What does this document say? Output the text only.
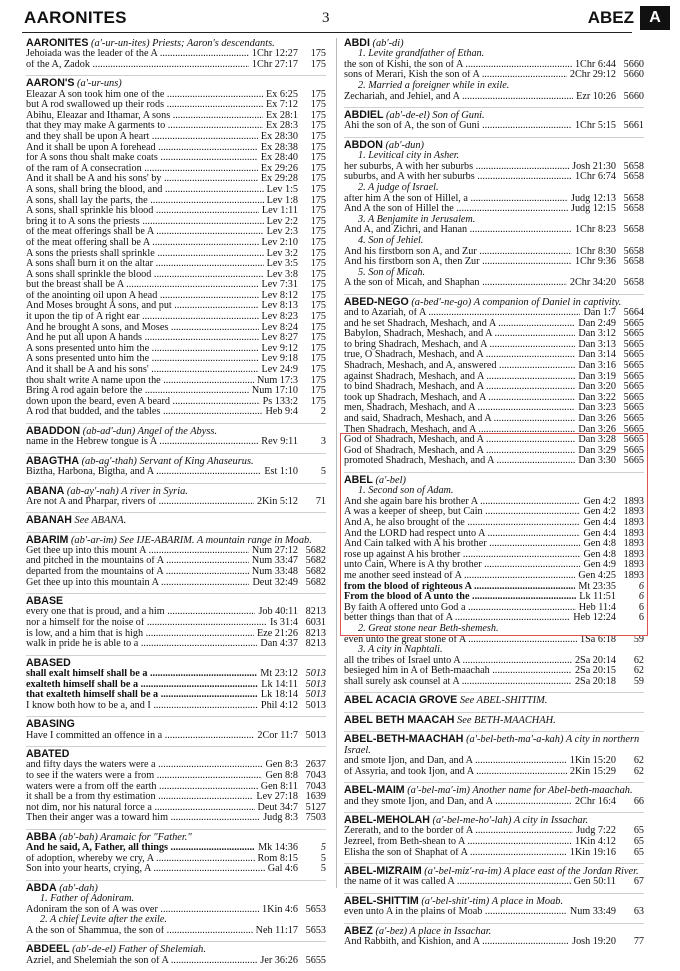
AARONITES	3	ABEZ A
AARONITES (a'-ur-un-ites) Priests; Aaron's descendants.
Jehoiada was the leader of the A .....	1Chr 12:27	175
of the A, Zadok .....	1Chr 27:17	175
AARON'S (a'-ur-uns)
Eleazar A son took him one of the .....	Ex 6:25	175
but A rod swallowed up their rods .....	Ex 7:12	175
Abihu, Eleazar and Ithamar, A sons .....	Ex 28:1	175
that they may make A garments to .....	Ex 28:3	175
and they shall be upon A heart .....	Ex 28:30	175
And it shall be upon A forehead .....	Ex 28:38	175
for A sons thou shalt make coats .....	Ex 28:40	175
of the ram of A consecration .....	Ex 29:26	175
And it shall be A and his sons' by .....	Ex 29:28	175
A sons, shall bring the blood, and .....	Lev 1:5	175
A sons, shall lay the parts, the .....	Lev 1:8	175
A sons, shall sprinkle his blood .....	Lev 1:11	175
bring it to A sons the priests .....	Lev 2:2	175
of the meat offerings shall be A .....	Lev 2:3	175
of the meat offering shall be A .....	Lev 2:10	175
A sons the priests shall sprinkle .....	Lev 3:2	175
A sons shall burn it on the altar .....	Lev 3:5	175
A sons shall sprinkle the blood .....	Lev 3:8	175
but the breast shall be A .....	Lev 7:31	175
of the anointing oil upon A head .....	Lev 8:12	175
And Moses brought A sons, and put .....	Lev 8:13	175
it upon the tip of A right ear .....	Lev 8:23	175
And he brought A sons, and Moses .....	Lev 8:24	175
And he put all upon A hands .....	Lev 8:27	175
A sons presented unto him the .....	Lev 9:12	175
A sons presented unto him the .....	Lev 9:18	175
And it shall be A and his sons' .....	Lev 24:9	175
thou shalt write A name upon the .....	Num 17:3	175
Bring A rod again before the .....	Num 17:10	175
down upon the beard, even A beard .....	Ps 133:2	175
A rod that budded, and the tables .....	Heb 9:4	2
ABADDON (ab-ad'-dun) Angel of the Abyss.
name in the Hebrew tongue is A .....	Rev 9:11	3
ABAGTHA (ab-ag'-thah) Servant of King Ahaseurus.
Biztha, Harbona, Bigtha, and A .....	Est 1:10	5
ABANA (ab-ay'-nah) A river in Syria.
Are not A and Pharpar, rivers of .....	2Kin 5:12	71
ABANAH See ABANA.
ABARIM (ab'-ar-im) See IJE-ABARIM. A mountain range in Moab.
Get thee up into this mount A .....	Num 27:12 5682
and pitched in the mountains of A .....	Num 33:47 5682
departed from the mountains of A .....	Num 33:48 5682
Get thee up into this mountain A .....	Deut 32:49 5682
ABASE
every one that is proud, and a him .....	Job 40:11 8213
nor a himself for the noise of .....	Is 31:4 6031
is low, and a him that is high .....	Eze 21:26 8213
walk in pride he is able to a .....	Dan 4:37 8213
ABASED
shall exalt himself shall be a .....	Mt 23:12 5013
exalteth himself shall be a .....	Lk 14:11 5013
that exalteth himself shall be a .....	Lk 18:14 5013
I know both how to be a, and I .....	Phil 4:12 5013
ABASING
Have I committed an offence in a .....	2Cor 11:7 5013
ABATED
and fifty days the waters were a .....	Gen 8:3 2637
to see if the waters were a from .....	Gen 8:8 7043
waters were a from off the earth .....	Gen 8:11 7043
it shall be a from thy estimation .....	Lev 27:18 1639
not dim, nor his natural force a .....	Deut 34:7 5127
Then their anger was a toward him .....	Judg 8:3 7503
ABBA (ab'-bah) Aramaic for "Father."
And he said, A, Father, all things .....	Mk 14:36	5
of adoption, whereby we cry, A .....	Rom 8:15	5
Son into your hearts, crying, A .....	Gal 4:6	5
ABDA (ab'-dah)
1. Father of Adoniram.
Adoniram the son of A was over .....	1Kin 4:6 5653
2. A chief Levite after the exile.
A the son of Shammua, the son of .....	Neh 11:17 5653
ABDEEL (ab'-de-el) Father of Shelemiah.
Azriel, and Shelemiah the son of A .....	Jer 36:26 5655
ABDI (ab'-di)
1. Levite grandfather of Ethan.
the son of Kishi, the son of A .....	1Chr 6:44 5660
sons of Merari, Kish the son of A .....	2Chr 29:12 5660
2. Married a foreigner while in exile.
Zechariah, and Jehiel, and A .....	Ezr 10:26 5660
ABDIEL (ab'-de-el) Son of Guni.
Ahi the son of A, the son of Guni .....	1Chr 5:15 5661
ABDON (ab'-dun)
1. Levitical city in Asher.
her suburbs, A with her suburbs .....	Josh 21:30 5658
suburbs, and A with her suburbs .....	1Chr 6:74 5658
2. A judge of Israel.
after him A the son of Hillel, a .....	Judg 12:13 5658
And A the son of Hillel the .....	Judg 12:15 5658
3. A Benjamite in Jerusalem.
And A, and Zichri, and Hanan .....	1Chr 8:23 5658
4. Son of Jehiel.
And his firstborn son A, and Zur .....	1Chr 8:30 5658
And his firstborn son A, then Zur .....	1Chr 9:36 5658
5. Son of Micah.
A the son of Micah, and Shaphan .....	2Chr 34:20 5658
ABED-NEGO (a-bed'-ne-go) A companion of Daniel in captivity.
and to Azariah, of A .....	Dan 1:7 5664
and he set Shadrach, Meshach, and A .....	Dan 2:49 5665
Babylon, Shadrach, Meshach, and A .....	Dan 3:12 5665
to bring Shadrach, Meshach, and A .....	Dan 3:13 5665
true, O Shadrach, Meshach, and A .....	Dan 3:14 5665
Shadrach, Meshach, and A, answered .....	Dan 3:16 5665
against Shadrach, Meshach, and A .....	Dan 3:19 5665
to bind Shadrach, Meshach, and A .....	Dan 3:20 5665
took up Shadrach, Meshach, and A .....	Dan 3:22 5665
men, Shadrach, Meshach, and A .....	Dan 3:23 5665
and said, Shadrach, Meshach, and A .....	Dan 3:26 5665
Then Shadrach, Meshach, and A .....	Dan 3:26 5665
God of Shadrach, Meshach, and A .....	Dan 3:28 5665
God of Shadrach, Meshach, and A .....	Dan 3:29 5665
promoted Shadrach, Meshach, and A .....	Dan 3:30 5665
ABEL (a'-bel)
1. Second son of Adam.
And she again bare his brother A .....	Gen 4:2 1893
A was a keeper of sheep, but Cain .....	Gen 4:2 1893
And A, he also brought of the .....	Gen 4:4 1893
And the LORD had respect unto A .....	Gen 4:4 1893
And Cain talked with A his brother .....	Gen 4:8 1893
rose up against A his brother .....	Gen 4:8 1893
unto Cain, Where is A thy brother .....	Gen 4:9 1893
me another seed instead of A .....	Gen 4:25 1893
from the blood of righteous A .....	Mt 23:35	6
From the blood of A unto the .....	Lk 11:51	6
By faith A offered unto God a .....	Heb 11:4	6
better things than that of A .....	Heb 12:24	6
2. Great stone near Beth-shemesh.
even unto the great stone of A .....	1Sa 6:18	59
3. A city in Naphtali.
all the tribes of Israel unto A .....	2Sa 20:14	62
besieged him in A of Beth-maachah .....	2Sa 20:15	62
shall surely ask counsel at A .....	2Sa 20:18	59
ABEL ACACIA GROVE See ABEL-SHITTIM.
ABEL BETH MAACAH See BETH-MAACHAH.
ABEL-BETH-MAACHAH (a'-bel-beth-ma'-a-kah) A city in northern Israel.
and smote Ijon, and Dan, and A .....	1Kin 15:20	62
of Assyria, and took Ijon, and A .....	2Kin 15:29	62
ABEL-MAIM (a'-bel-ma'-im) Another name for Abel-beth-maachah.
and they smote Ijon, and Dan, and A .....	2Chr 16:4	66
ABEL-MEHOLAH (a'-bel-me-ho'-lah) A city in Issachar.
Zererath, and to the border of A .....	Judg 7:22	65
Jezreel, from Beth-shean to A .....	1Kin 4:12	65
Elisha the son of Shaphat of A .....	1Kin 19:16	65
ABEL-MIZRAIM (a'-bel-miz'-ra-im) A place east of the Jordan River.
the name of it was called A .....	Gen 50:11	67
ABEL-SHITTIM (a'-bel-shit'-tim) A place in Moab.
even unto A in the plains of Moab .....	Num 33:49	63
ABEZ (a'-bez) A place in Issachar.
And Rabbith, and Kishion, and A .....	Josh 19:20	77
